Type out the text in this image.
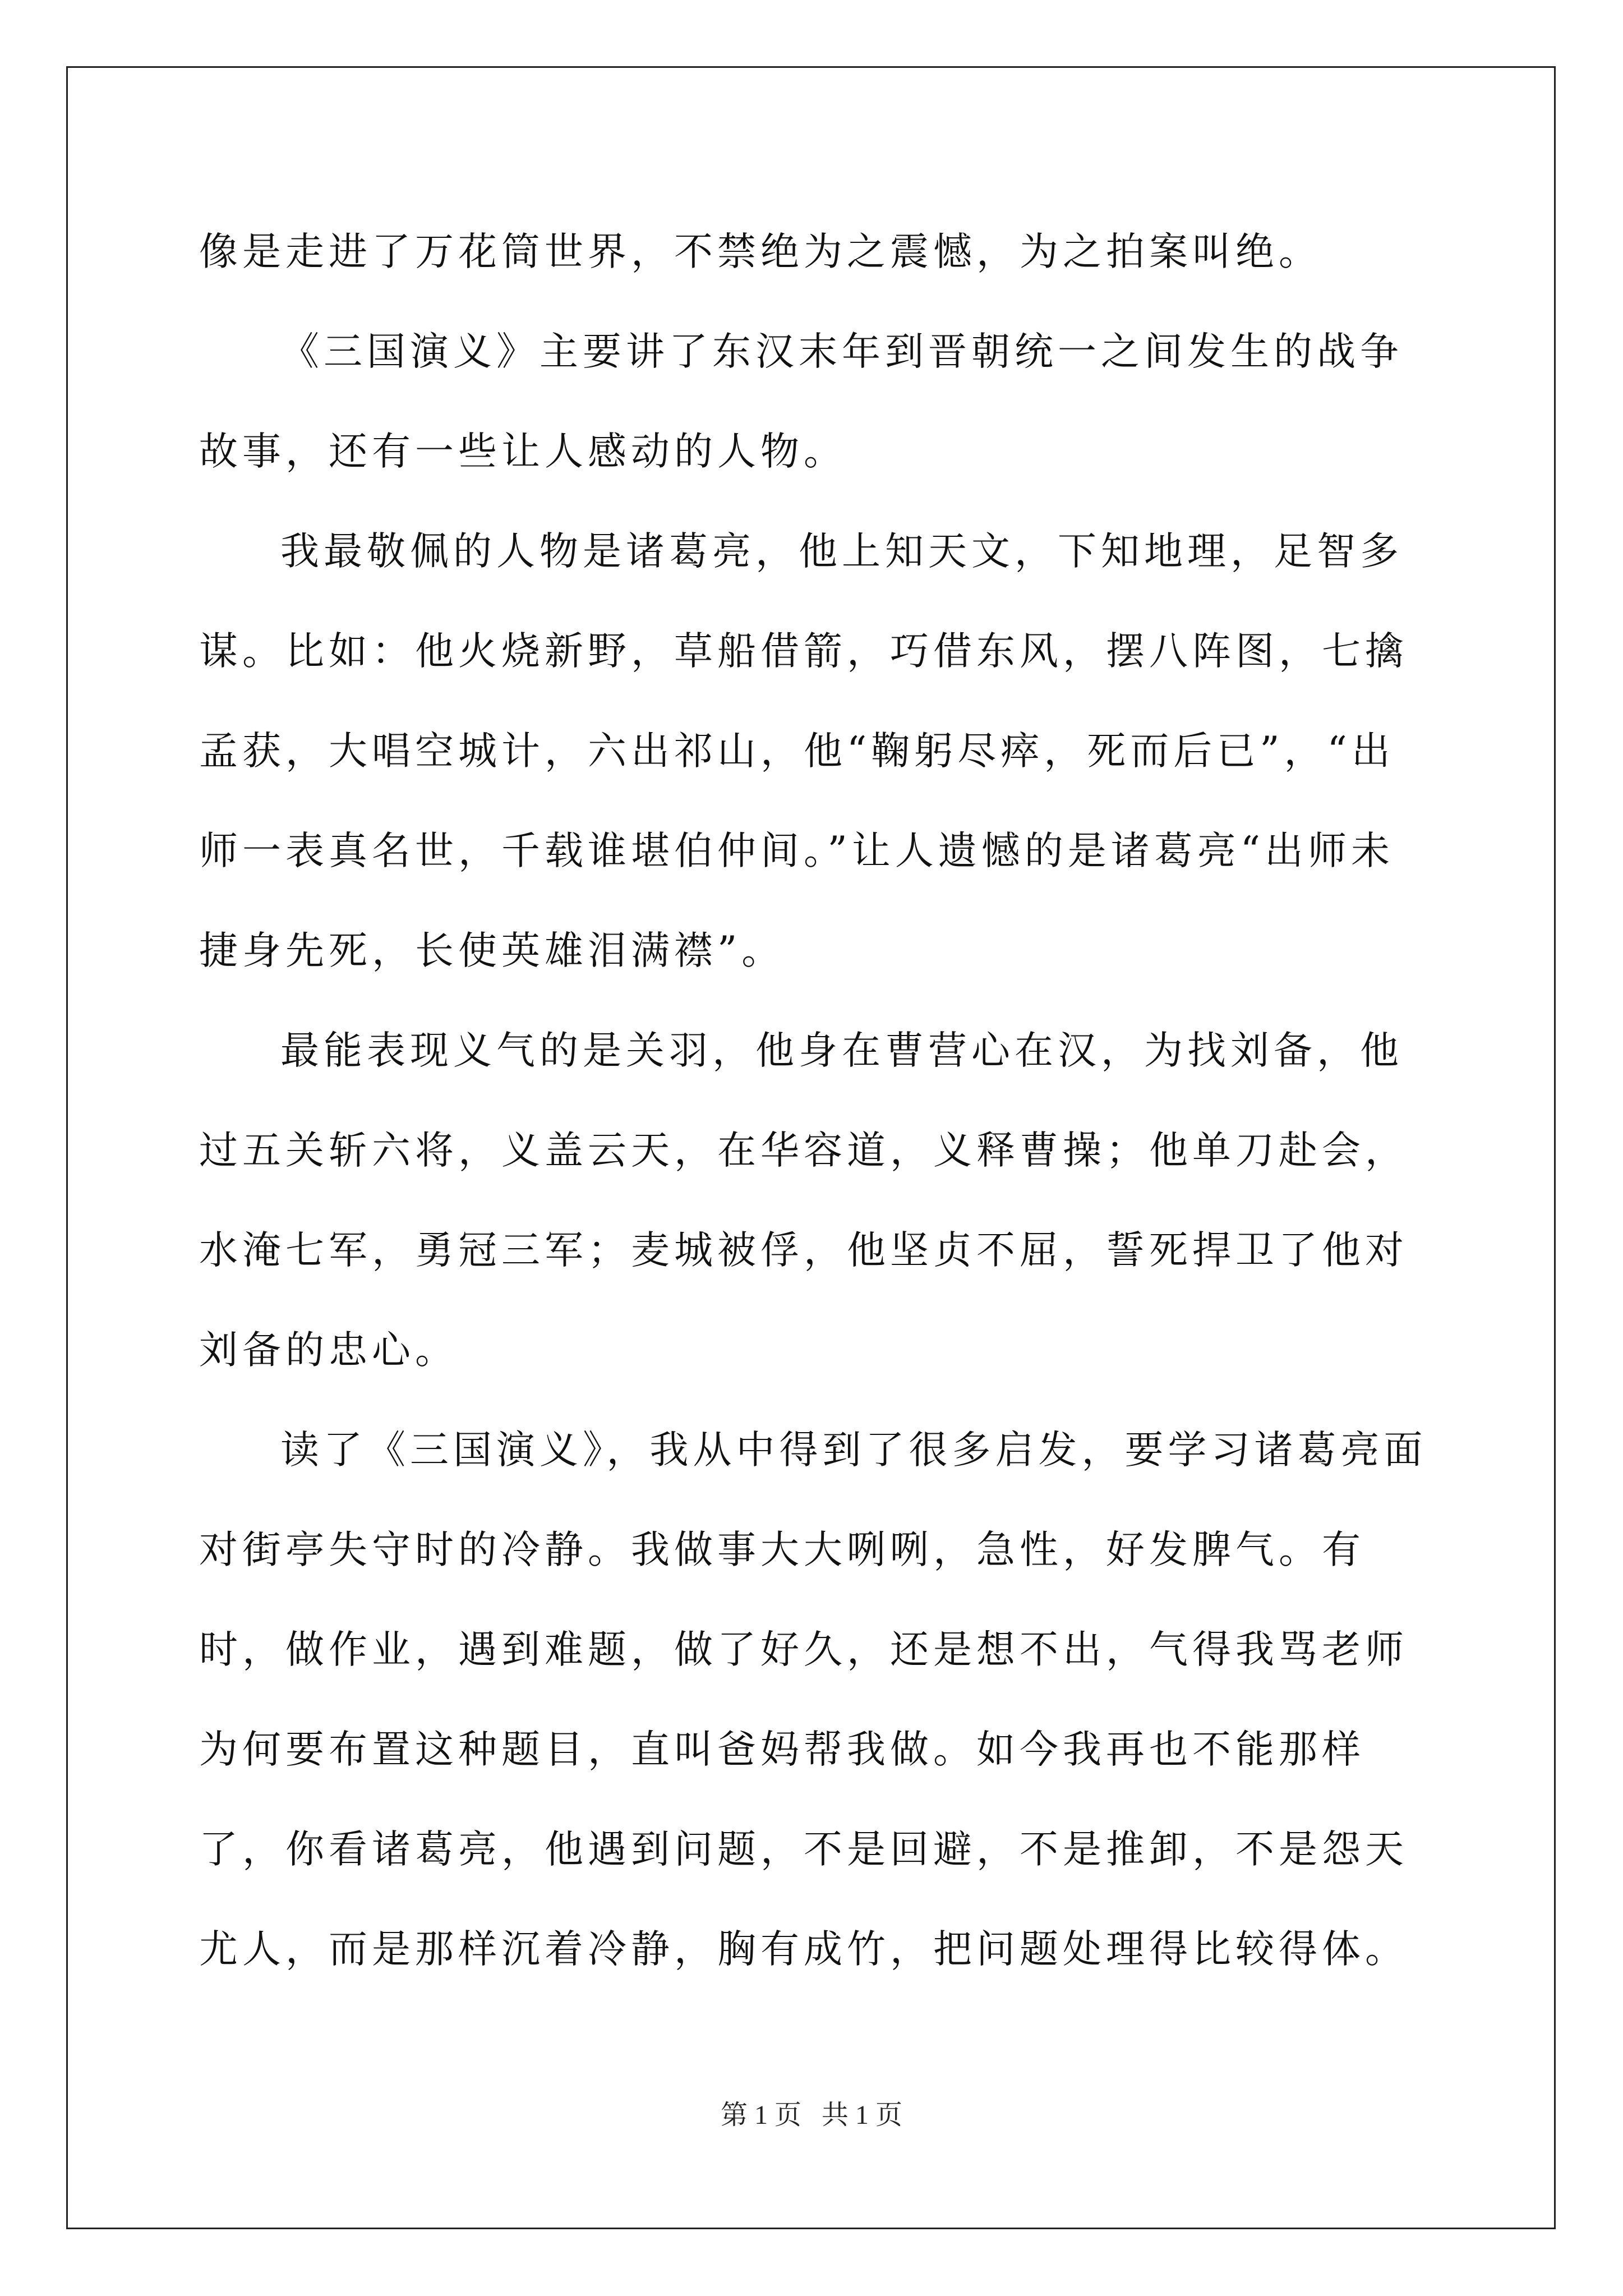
像是走进了万花筒世界，不禁绝为之震憾，为之拍案叫绝。

《三国演义》主要讲了东汉末年到晋朝统一之间发生的战争故事，还有一些让人感动的人物。

我最敬佩的人物是诸葛亮，他上知天文，下知地理，足智多谋。比如：他火烧新野，草船借箭，巧借东风，摆八阵图，七擒孟获，大唱空城计，六出祁山，他“鞠躬尽瘁，死而后已”，“出师一表真名世，千载谁堪伯仲间。”让人遗憾的是诸葛亮“出师未捷身先死，长使英雄泪满襟”。

最能表现义气的是关羽，他身在曹营心在汉，为找刘备，他过五关斩六将，义盖云天，在华容道，义释曹操；他单刀赴会，水淹七军，勇冠三军；麦城被俘，他坚贞不屈，誓死捍卫了他对刘备的忠心。

读了《三国演义》，我从中得到了很多启发，要学习诸葛亮面对街亭失守时的冷静。我做事大大咧咧，急性，好发脾气。有时，做作业，遇到难题，做了好久，还是想不出，气得我骂老师为何要布置这种题目，直叫爸妈帮我做。如今我再也不能那样了，你看诸葛亮，他遇到问题，不是回避，不是推卸，不是怨天尤人，而是那样沉着冷静，胸有成竹，把问题处理得比较得体。

第 1 页 共 1 页
